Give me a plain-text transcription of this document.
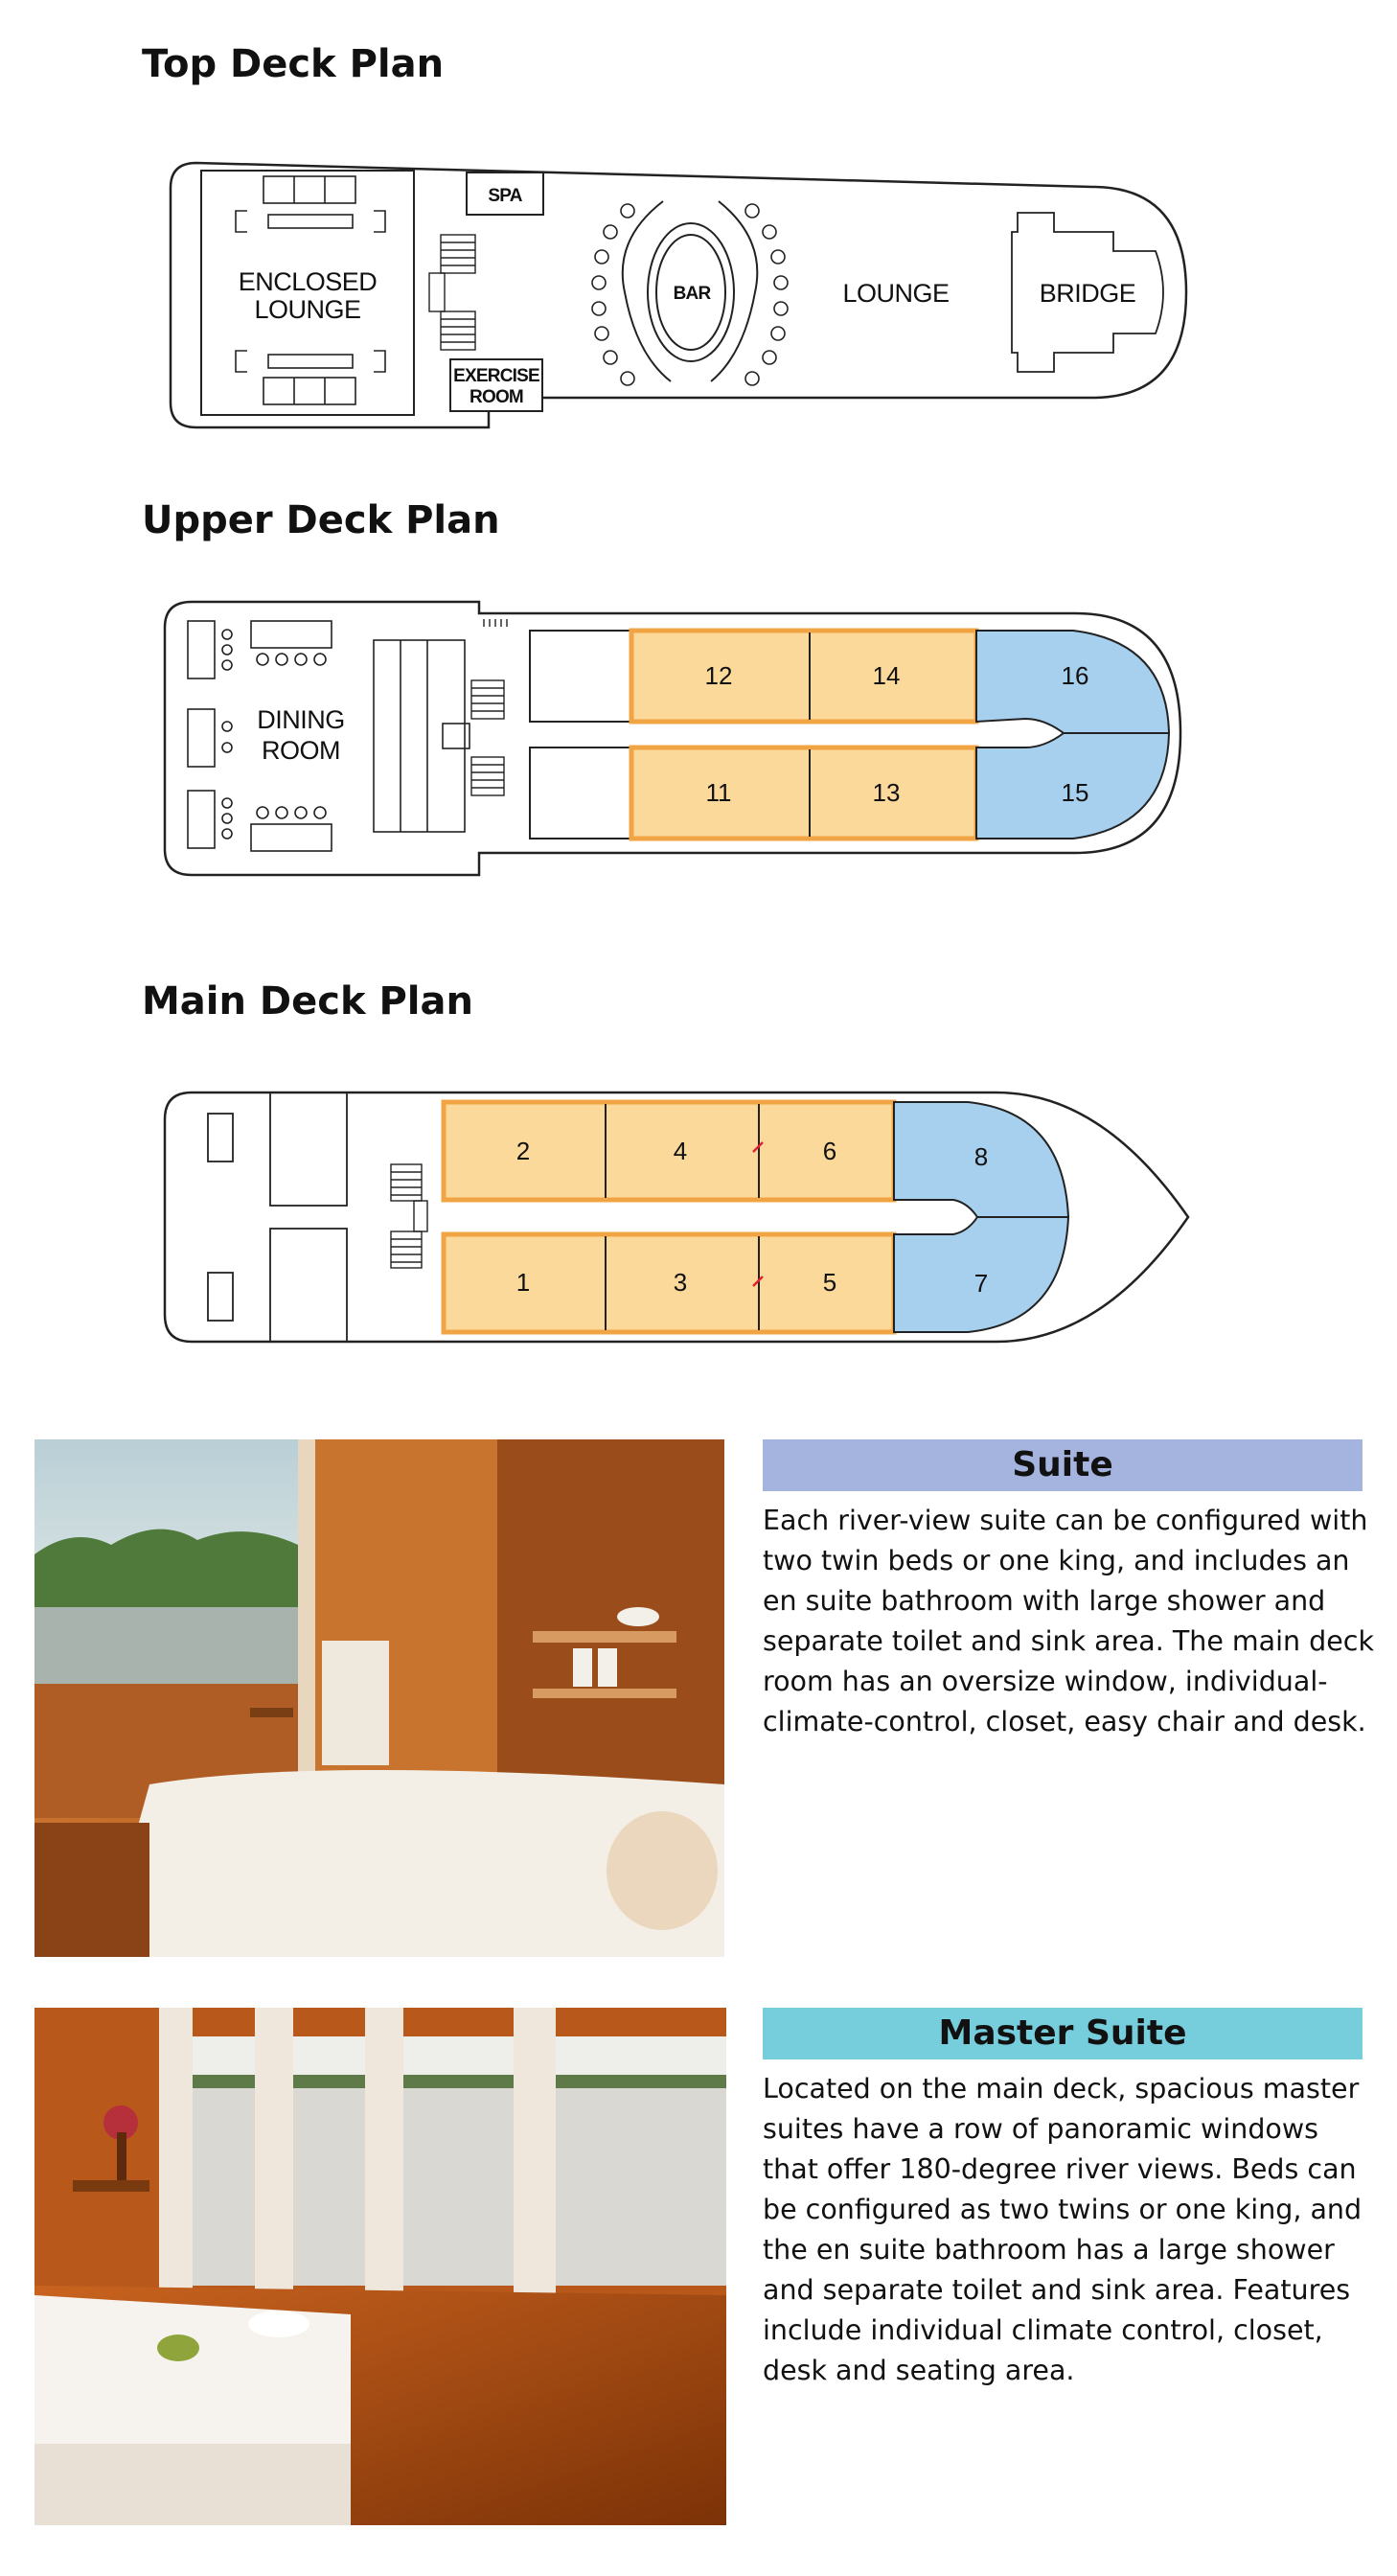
Top Deck Plan
ENCLOSED
LOUNGE
SPA
EXERCISE
ROOM
BAR	LOUNGE	BRIDGE
Upper Deck Plan
DINING
ROOM
12	14
11	13
16
15
Main Deck Plan
2	4	6
1	3	5
8
7
Suite

Each river-view suite can be configured with two twin beds or one king, and includes an en suite bathroom with large shower and separate toilet and sink area. The main deck room has an oversize window, individual-climate-control, closet, easy chair and desk.

Master Suite

Located on the main deck, spacious master suites have a row of panoramic windows that offer 180-degree river views. Beds can be configured as two twins or one king, and the en suite bathroom has a large shower and separate toilet and sink area. Features include individual climate control, closet, desk and seating area.
